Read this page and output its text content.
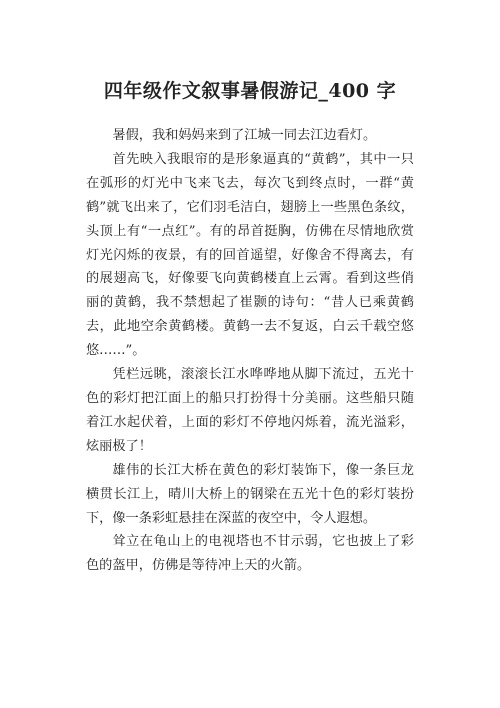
四年级作文叙事暑假游记_400 字

暑假，我和妈妈来到了江城一同去江边看灯。

首先映入我眼帘的是形象逼真的“黄鹤”，其中一只在弧形的灯光中飞来飞去，每次飞到终点时，一群“黄鹤”就飞出来了，它们羽毛洁白，翅膀上一些黑色条纹，头顶上有“一点红”。有的昂首挺胸，仿佛在尽情地欣赏灯光闪烁的夜景，有的回首遥望，好像舍不得离去，有的展翅高飞，好像要飞向黄鹤楼直上云霄。看到这些俏丽的黄鹤，我不禁想起了崔颢的诗句：“昔人已乘黄鹤去，此地空余黄鹤楼。黄鹤一去不复返，白云千载空悠悠……”。

凭栏远眺，滚滚长江水哗哗地从脚下流过，五光十色的彩灯把江面上的船只打扮得十分美丽。这些船只随着江水起伏着，上面的彩灯不停地闪烁着，流光溢彩，炫丽极了！

雄伟的长江大桥在黄色的彩灯装饰下，像一条巨龙横贯长江上，晴川大桥上的钢梁在五光十色的彩灯装扮下，像一条彩虹悬挂在深蓝的夜空中，令人遐想。

耸立在龟山上的电视塔也不甘示弱，它也披上了彩色的盔甲，仿佛是等待冲上天的火箭。
